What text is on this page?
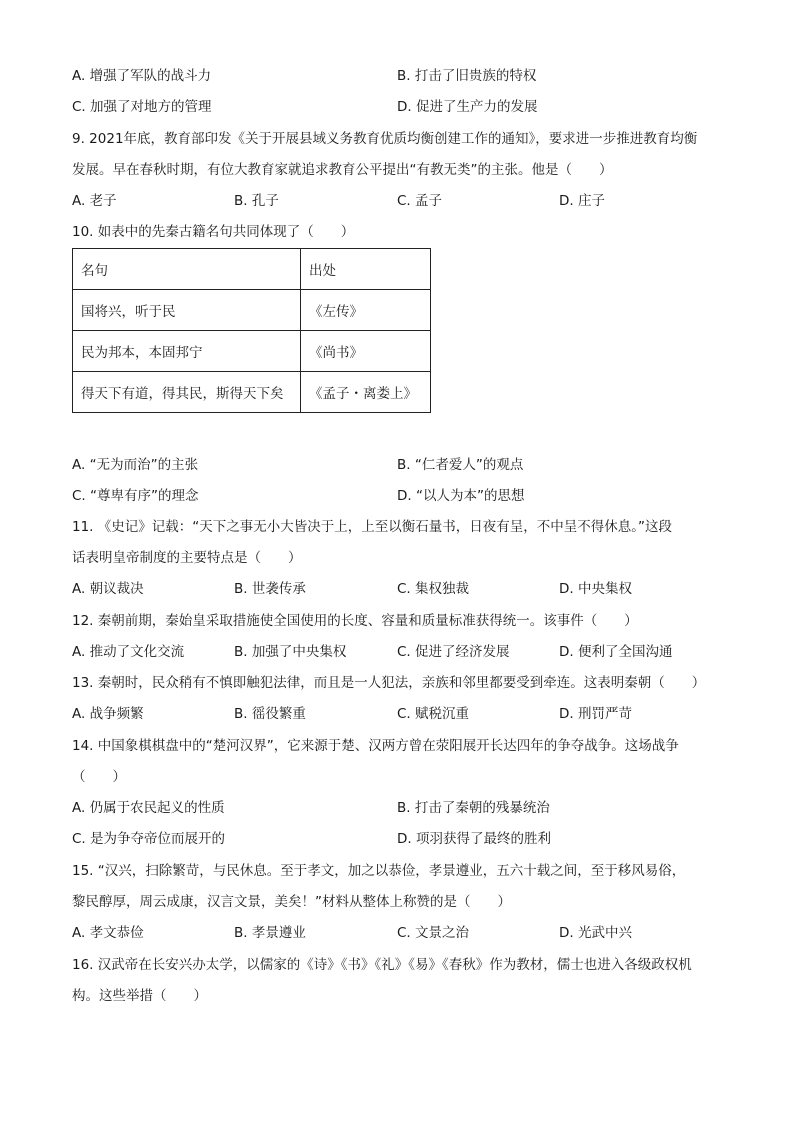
A. 增强了军队的战斗力	B. 打击了旧贵族的特权
C. 加强了对地方的管理	D. 促进了生产力的发展
9. 2021年底，教育部印发《关于开展县域义务教育优质均衡创建工作的通知》，要求进一步推进教育均衡
发展。早在春秋时期，有位大教育家就追求教育公平提出“有教无类”的主张。他是（　　）
A. 老子	B. 孔子	C. 孟子	D. 庄子
10. 如表中的先秦古籍名句共同体现了（　　）
名句	出处
国将兴，听于民	《左传》
民为邦本，本固邦宁	《尚书》
得天下有道，得其民，斯得天下矣	《孟子・离娄上》
A. “无为而治”的主张	B. “仁者爱人”的观点
C. “尊卑有序”的理念	D. “以人为本”的思想
11. 《史记》记载：“天下之事无小大皆决于上，上至以衡石量书，日夜有呈，不中呈不得休息。”这段
话表明皇帝制度的主要特点是（　　）
A. 朝议裁决	B. 世袭传承	C. 集权独裁	D. 中央集权
12. 秦朝前期，秦始皇采取措施使全国使用的长度、容量和质量标准获得统一。该事件（　　）
A. 推动了文化交流	B. 加强了中央集权	C. 促进了经济发展	D. 便利了全国沟通
13. 秦朝时，民众稍有不慎即触犯法律，而且是一人犯法，亲族和邻里都要受到牵连。这表明秦朝（　　）
A. 战争频繁	B. 徭役繁重	C. 赋税沉重	D. 刑罚严苛
14. 中国象棋棋盘中的“楚河汉界”，它来源于楚、汉两方曾在荥阳展开长达四年的争夺战争。这场战争
（　　）
A. 仍属于农民起义的性质	B. 打击了秦朝的残暴统治
C. 是为争夺帝位而展开的	D. 项羽获得了最终的胜利
15. “汉兴，扫除繁苛，与民休息。至于孝文，加之以恭俭，孝景遵业，五六十载之间，至于移风易俗，
黎民醇厚，周云成康，汉言文景，美矣！”材料从整体上称赞的是（　　）
A. 孝文恭俭	B. 孝景遵业	C. 文景之治	D. 光武中兴
16. 汉武帝在长安兴办太学，以儒家的《诗》《书》《礼》《易》《春秋》作为教材，儒士也进入各级政权机
构。这些举措（　　）
